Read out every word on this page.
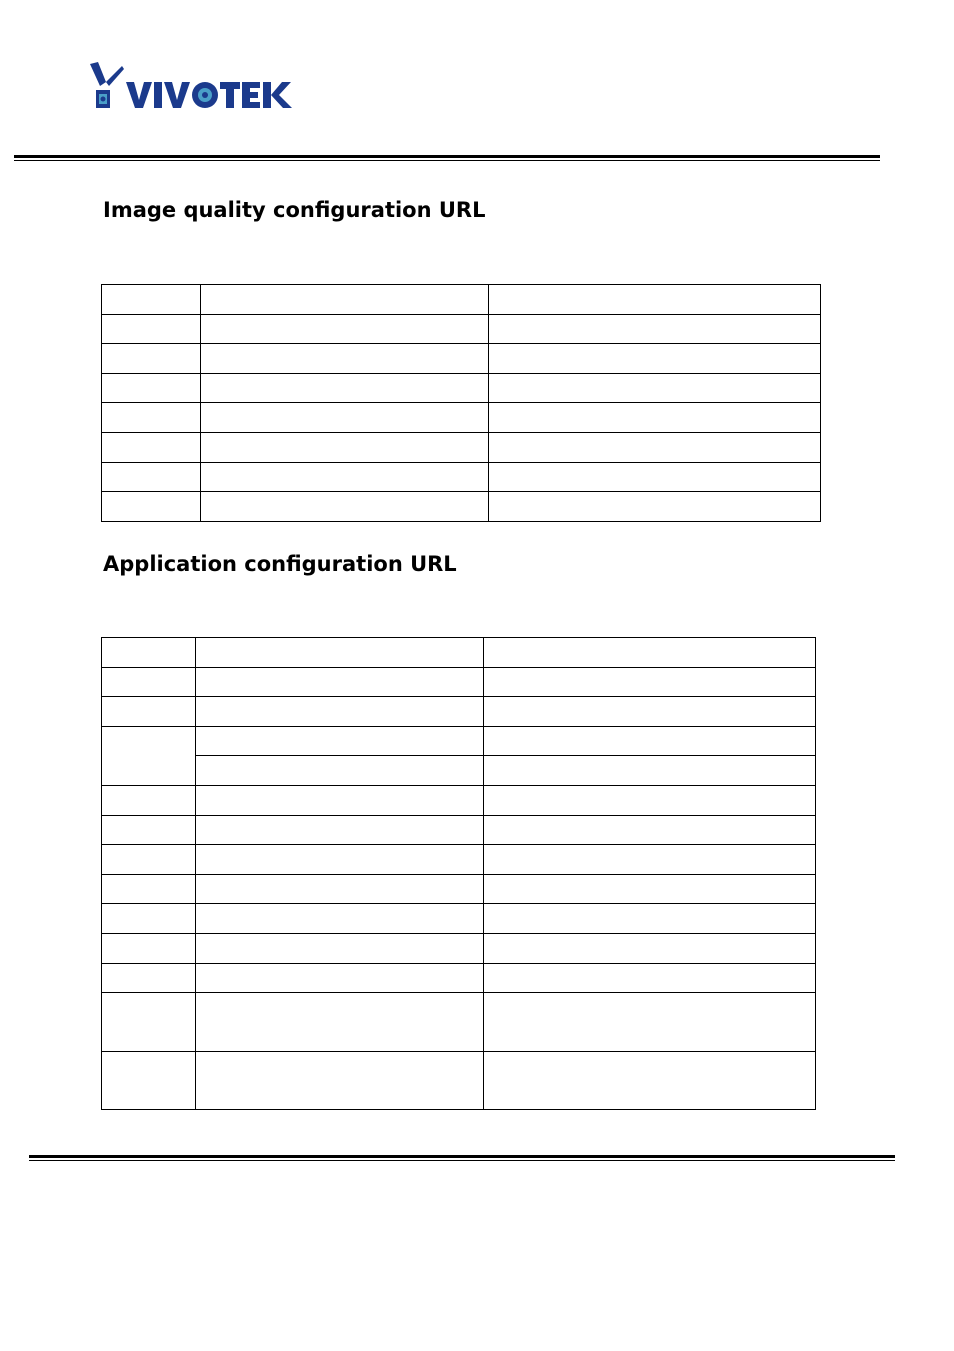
Image quality configuration URL

Application configuration URL
